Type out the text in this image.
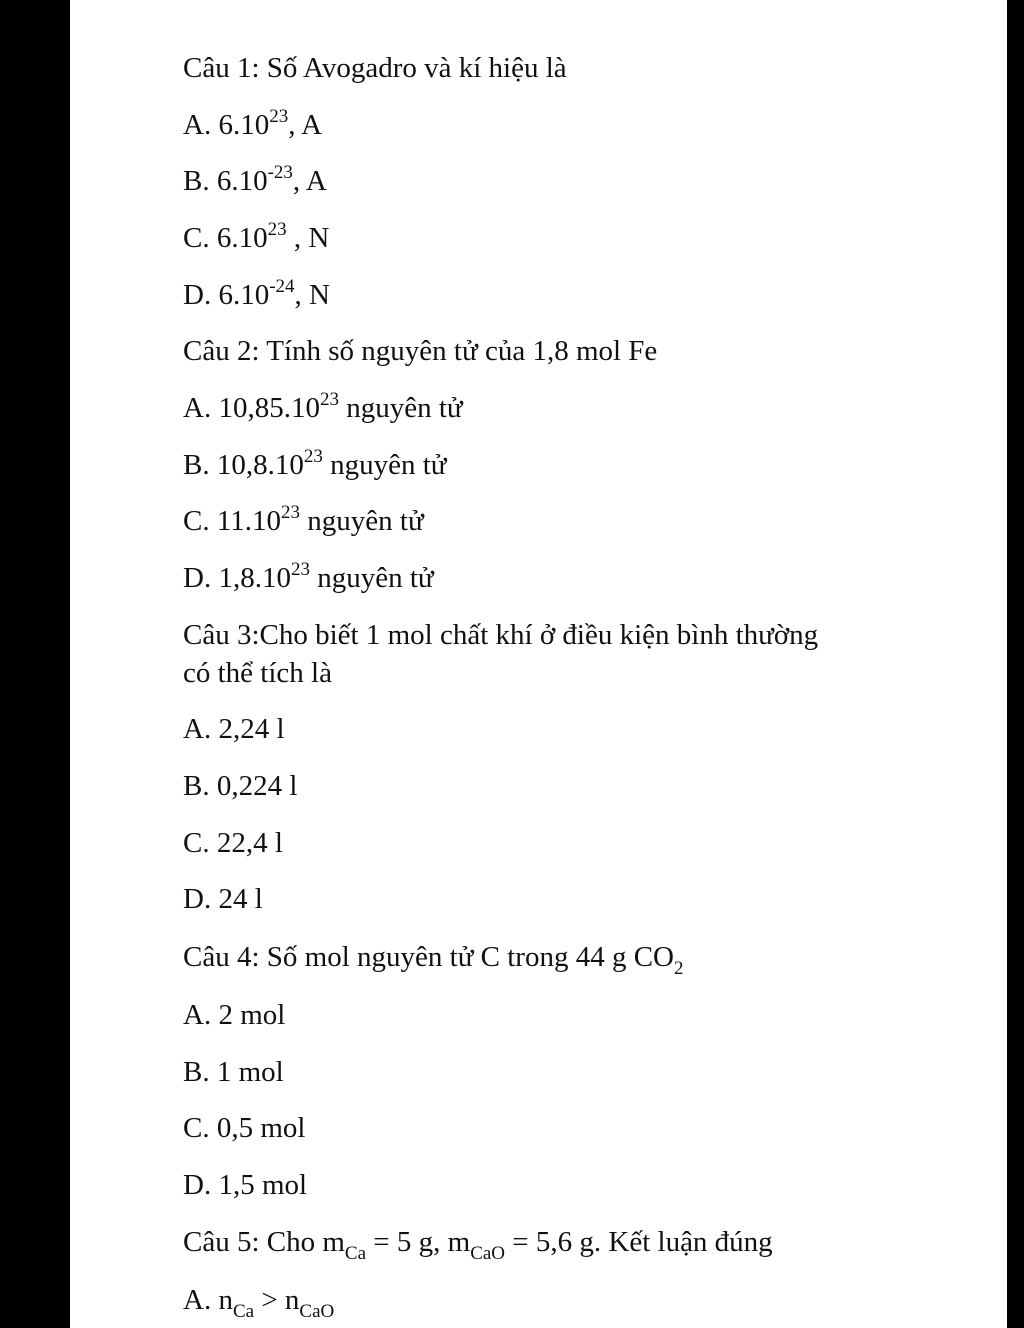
Câu 1: Số Avogadro và kí hiệu là
A. 6.10$^{23}$, A
B. $6.10^{-23}$, A
C. 6.10$^{23}$ , N
D. $6.10^{-24}$, N
Câu 2: Tính số nguyên tử của 1,8 mol Fe
A. 10,85.10$^{23}$ nguyên tử
B. 10,8.10$^{23}$ nguyên tử
C. 11.10$^{23}$ nguyên tử
D. 1,8.10$^{23}$ nguyên tử
Câu 3:Cho biết 1 mol chất khí ở điều kiện bình thường
có thể tích là
A. 2,24 l
B. 0,224 l
C. 22,4 l
D. 24 l
Câu 4: Số mol nguyên tử C trong 44 g $CO_2$
A. 2 mol
B. 1 mol
C. 0,5 mol
D. 1,5 mol
Câu 5: Cho $m_{Ca} = 5$ g, $m_{CaO} = 5,6$ g. Kết luận đúng
A. $n_{Ca} > n_{CaO}$
